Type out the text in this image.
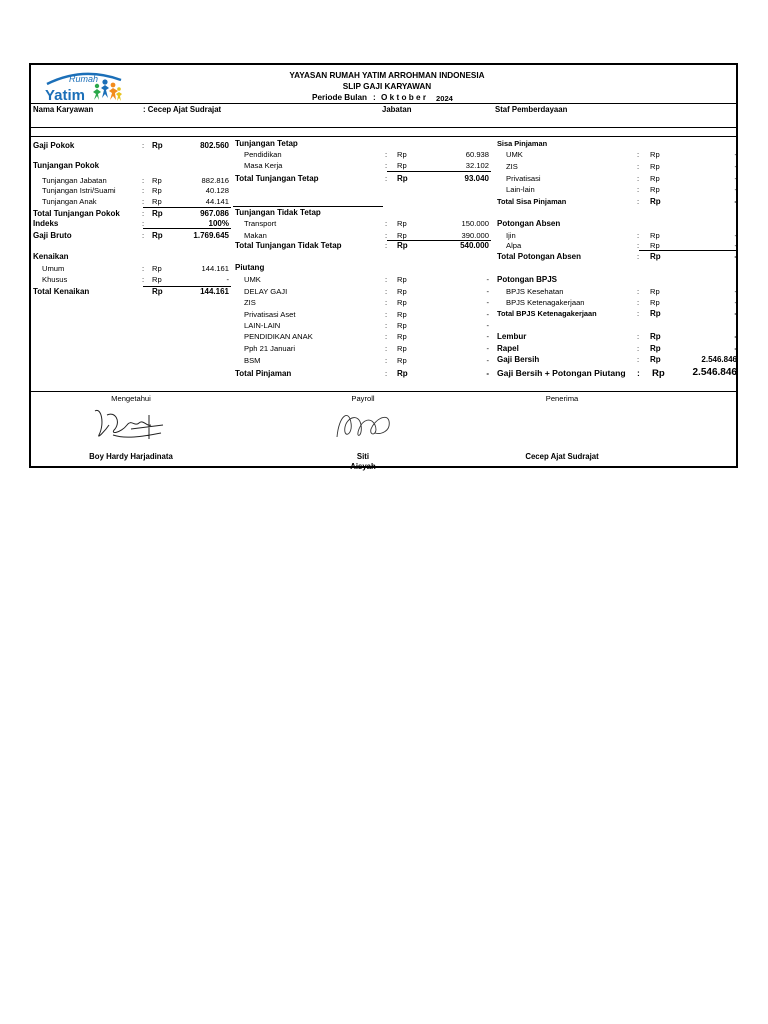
Rumah
Yatim
YAYASAN RUMAH YATIM ARROHMAN INDONESIA
SLIP GAJI KARYAWAN
Periode Bulan : O k t o b e r 2024
Nama Karyawan	: Cecep Ajat Sudrajat	Jabatan	Staf Pemberdayaan
Gaji Pokok	: Rp	802.560
Tunjangan Pokok
Tunjangan Jabatan	: Rp	882.816
Tunjangan Istri/Suami	: Rp	40.128
Tunjangan Anak	: Rp	44.141
Total Tunjangan Pokok	: Rp	967.086
Indeks	:	100%
Gaji Bruto	: Rp	1.769.645
Kenaikan
Umum	: Rp	144.161
Khusus	: Rp	-
Total Kenaikan	Rp	144.161
Tunjangan Tetap
Pendidikan	: Rp	60.938
Masa Kerja	: Rp	32.102
Total Tunjangan Tetap	: Rp	93.040
Tunjangan Tidak Tetap
Transport	: Rp	150.000
Makan	: Rp	390.000
Total Tunjangan Tidak Tetap	: Rp	540.000
Piutang
UMK	: Rp	-
DELAY GAJI	: Rp	-
ZIS	: Rp	-
Privatisasi Aset	: Rp	-
LAIN-LAIN	: Rp	-
PENDIDIKAN ANAK	: Rp	-
Pph 21 Januari	: Rp	-
BSM	: Rp	-
Total Pinjaman	: Rp	-
Sisa Pinjaman
UMK	: Rp	-
ZIS	: Rp	-
Privatisasi	: Rp	-
Lain-lain	: Rp	-
Total Sisa Pinjaman	: Rp	-
Potongan Absen
Ijin	: Rp	-
Alpa	: Rp	-
Total Potongan Absen	: Rp	-
Potongan BPJS
BPJS Kesehatan	: Rp	-
BPJS Ketenagakerjaan	: Rp	-
Total BPJS Ketenagakerjaan	: Rp	-
Lembur	: Rp	-
Rapel	: Rp	-
Gaji Bersih	: Rp	2.546.846
Gaji Bersih + Potongan Piutang : Rp	2.546.846
Mengetahui	Payroll	Penerima
Boy Hardy Harjadinata	Siti
Aisyah
Cecep Ajat Sudrajat
